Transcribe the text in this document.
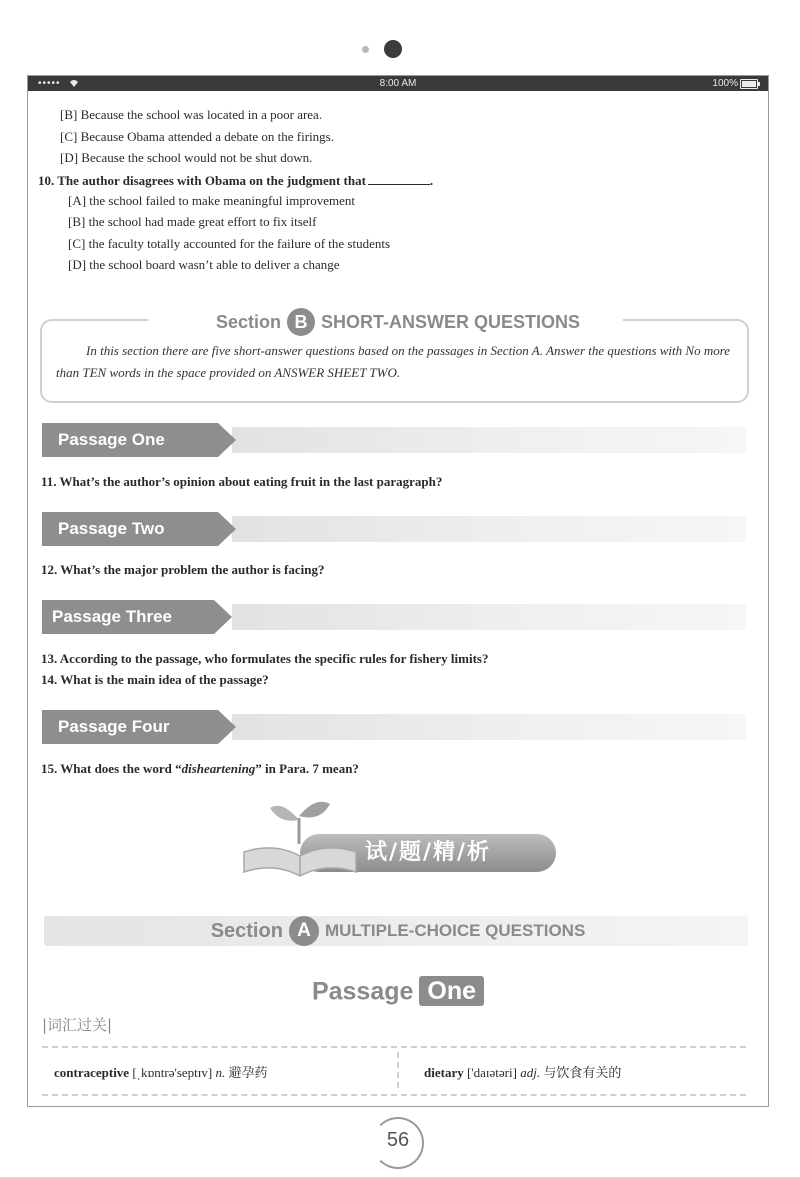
•••••	8:00 AM	100%
[B] Because the school was located in a poor area.
[C] Because Obama attended a debate on the firings.
[D] Because the school would not be shut down.
10. The author disagrees with Obama on the judgment that	.
[A] the school failed to make meaningful improvement
[B] the school had made great effort to fix itself
[C] the faculty totally accounted for the failure of the students
[D] the school board wasn’t able to deliver a change
Section B SHORT-ANSWER QUESTIONS
In this section there are five short-answer questions based on the passages in Section A. Answer the questions with No more than TEN words in the space provided on ANSWER SHEET TWO.
Passage One
11. What’s the author’s opinion about eating fruit in the last paragraph?
Passage Two
12. What’s the major problem the author is facing?
Passage Three
13. According to the passage, who formulates the specific rules for fishery limits?
14. What is the main idea of the passage?
Passage Four
15. What does the word “disheartening” in Para. 7 mean?
试/题/精/析
Section A MULTIPLE-CHOICE QUESTIONS
Passage One
|词汇过关|
contraceptive [ˌkɒntrə'septɪv] n. 避孕药	dietary ['daɪətəri] adj. 与饮食有关的
56
